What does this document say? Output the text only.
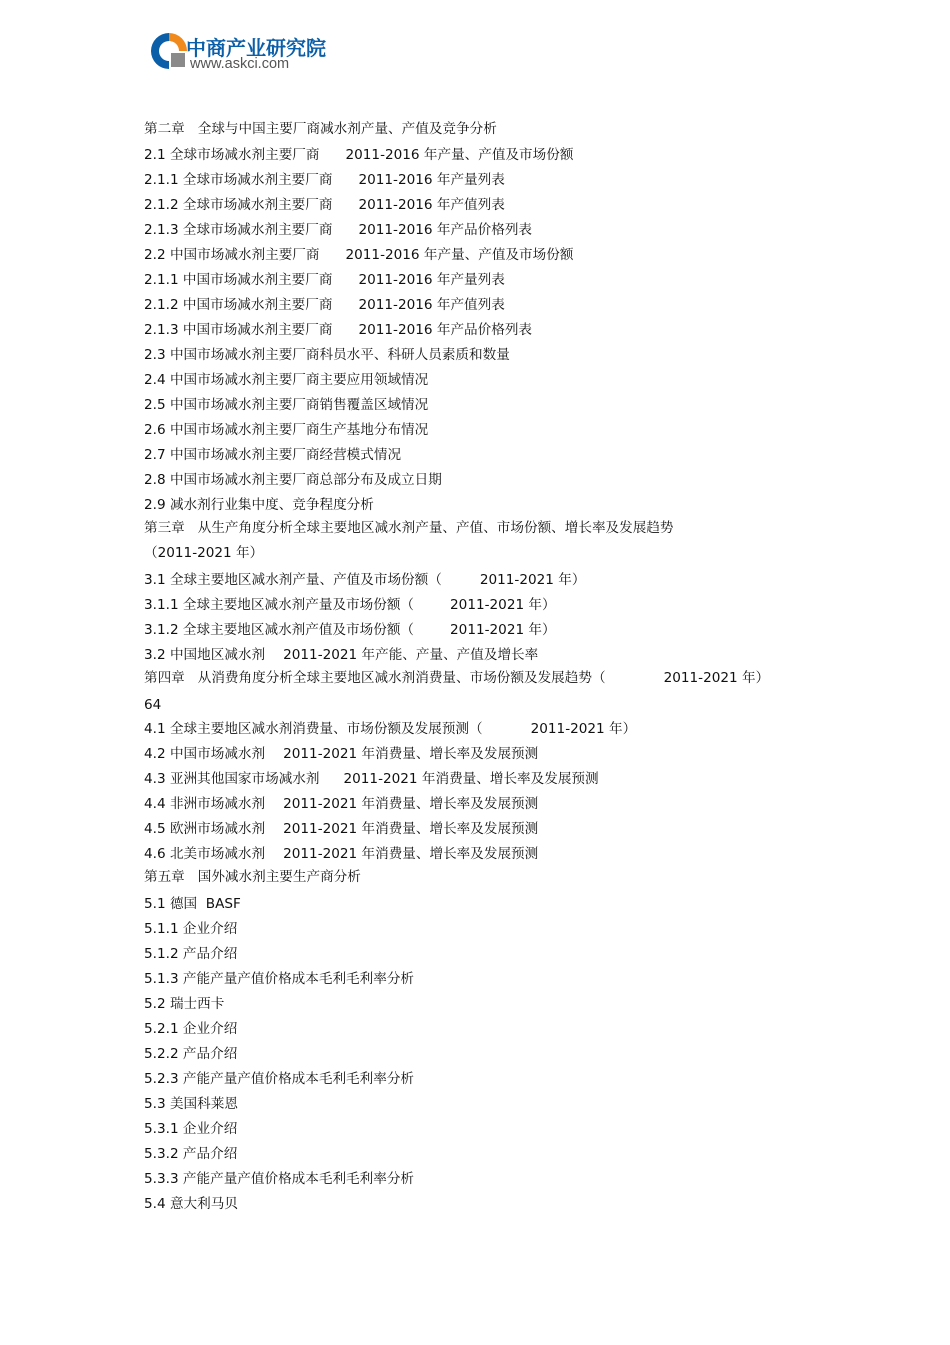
中商产业研究院
www.askci.com
第二章   全球与中国主要厂商减水剂产量、产值及竞争分析
2.1 全球市场减水剂主要厂商 2011-2016 年产量、产值及市场份额
2.1.1 全球市场减水剂主要厂商 2011-2016 年产量列表
2.1.2 全球市场减水剂主要厂商 2011-2016 年产值列表
2.1.3 全球市场减水剂主要厂商 2011-2016 年产品价格列表
2.2 中国市场减水剂主要厂商 2011-2016 年产量、产值及市场份额
2.1.1 中国市场减水剂主要厂商 2011-2016 年产量列表
2.1.2 中国市场减水剂主要厂商 2011-2016 年产值列表
2.1.3 中国市场减水剂主要厂商 2011-2016 年产品价格列表
2.3 中国市场减水剂主要厂商科员水平、科研人员素质和数量
2.4 中国市场减水剂主要厂商主要应用领域情况
2.5 中国市场减水剂主要厂商销售覆盖区域情况
2.6 中国市场减水剂主要厂商生产基地分布情况
2.7 中国市场减水剂主要厂商经营模式情况
2.8 中国市场减水剂主要厂商总部分布及成立日期
2.9 减水剂行业集中度、竞争程度分析
第三章   从生产角度分析全球主要地区减水剂产量、产值、市场份额、增长率及发展趋势
（2011-2021 年）
3.1 全球主要地区减水剂产量、产值及市场份额（	2011-2021 年）
3.1.1 全球主要地区减水剂产量及市场份额（	2011-2021 年）
3.1.2 全球主要地区减水剂产值及市场份额（	2011-2021 年）
3.2 中国地区减水剂 2011-2021 年产能、产量、产值及增长率
第四章   从消费角度分析全球主要地区减水剂消费量、市场份额及发展趋势（	2011-2021 年）
64
4.1 全球主要地区减水剂消费量、市场份额及发展预测（	2011-2021 年）
4.2 中国市场减水剂 2011-2021 年消费量、增长率及发展预测
4.3 亚洲其他国家市场减水剂 2011-2021 年消费量、增长率及发展预测
4.4 非洲市场减水剂 2011-2021 年消费量、增长率及发展预测
4.5 欧洲市场减水剂 2011-2021 年消费量、增长率及发展预测
4.6 北美市场减水剂 2011-2021 年消费量、增长率及发展预测
第五章   国外减水剂主要生产商分析
5.1 德国  BASF
5.1.1 企业介绍
5.1.2 产品介绍
5.1.3 产能产量产值价格成本毛利毛利率分析
5.2 瑞士西卡
5.2.1 企业介绍
5.2.2 产品介绍
5.2.3 产能产量产值价格成本毛利毛利率分析
5.3 美国科莱恩
5.3.1 企业介绍
5.3.2 产品介绍
5.3.3 产能产量产值价格成本毛利毛利率分析
5.4 意大利马贝
